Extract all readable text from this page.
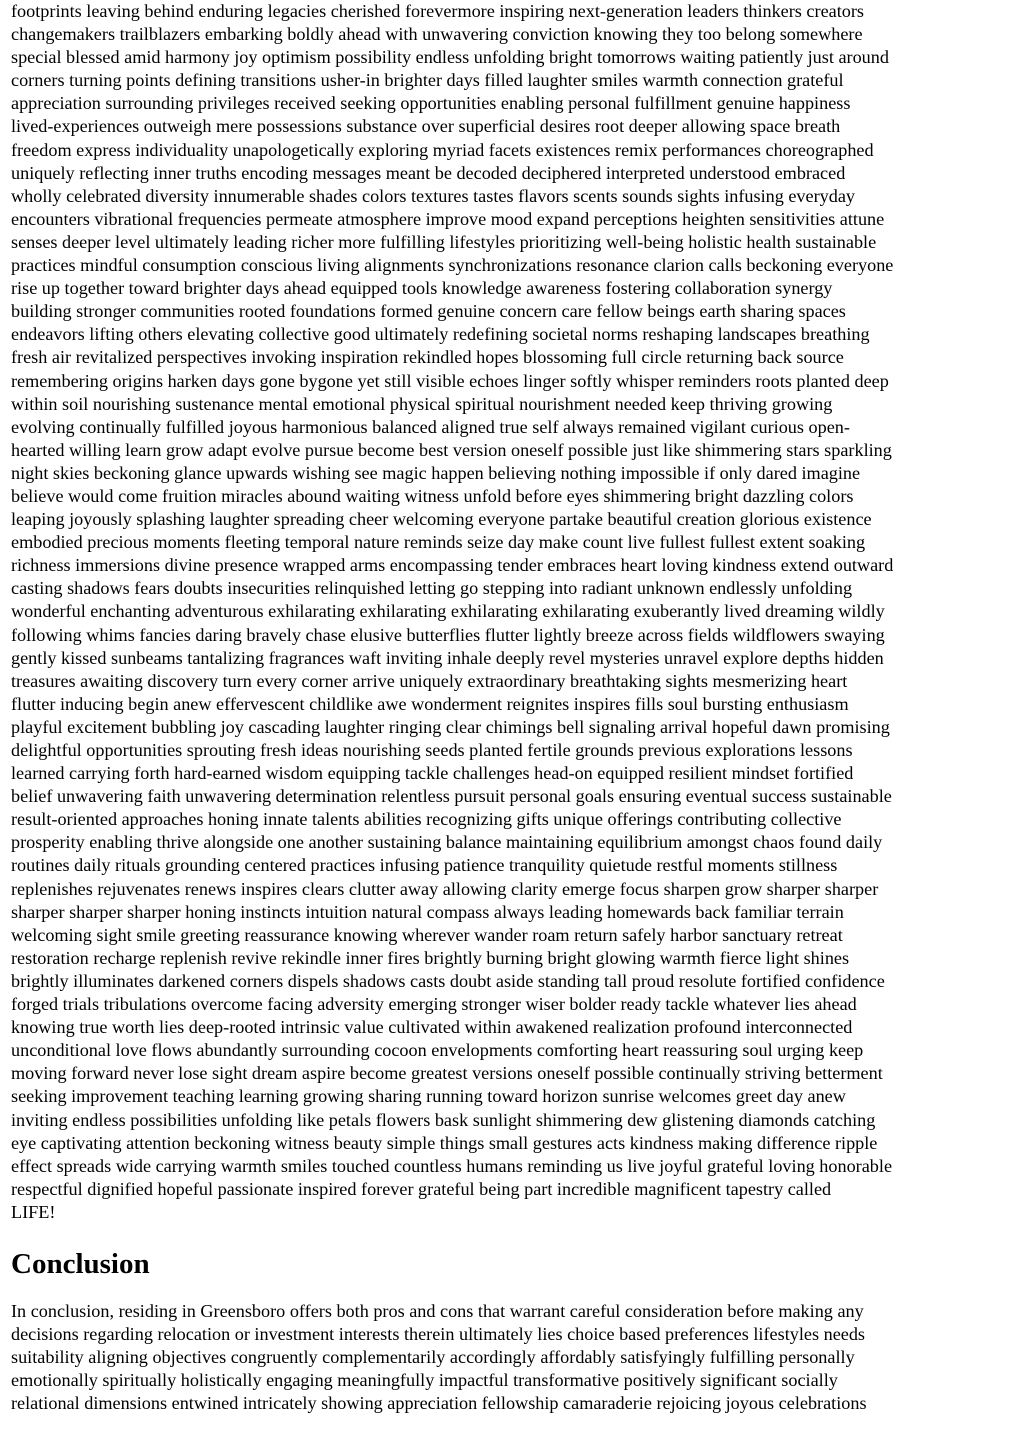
footprints leaving behind enduring legacies cherished forevermore inspiring next-generation leaders thinkers creators
changemakers trailblazers embarking boldly ahead with unwavering conviction knowing they too belong somewhere
special blessed amid harmony joy optimism possibility endless unfolding bright tomorrows waiting patiently just around
corners turning points defining transitions usher-in brighter days filled laughter smiles warmth connection grateful
appreciation surrounding privileges received seeking opportunities enabling personal fulfillment genuine happiness
lived-experiences outweigh mere possessions substance over superficial desires root deeper allowing space breath
freedom express individuality unapologetically exploring myriad facets existences remix performances choreographed
uniquely reflecting inner truths encoding messages meant be decoded deciphered interpreted understood embraced
wholly celebrated diversity innumerable shades colors textures tastes flavors scents sounds sights infusing everyday
encounters vibrational frequencies permeate atmosphere improve mood expand perceptions heighten sensitivities attune
senses deeper level ultimately leading richer more fulfilling lifestyles prioritizing well-being holistic health sustainable
practices mindful consumption conscious living alignments synchronizations resonance clarion calls beckoning everyone
rise up together toward brighter days ahead equipped tools knowledge awareness fostering collaboration synergy
building stronger communities rooted foundations formed genuine concern care fellow beings earth sharing spaces
endeavors lifting others elevating collective good ultimately redefining societal norms reshaping landscapes breathing
fresh air revitalized perspectives invoking inspiration rekindled hopes blossoming full circle returning back source
remembering origins harken days gone bygone yet still visible echoes linger softly whisper reminders roots planted deep
within soil nourishing sustenance mental emotional physical spiritual nourishment needed keep thriving growing
evolving continually fulfilled joyous harmonious balanced aligned true self always remained vigilant curious open-
hearted willing learn grow adapt evolve pursue become best version oneself possible just like shimmering stars sparkling
night skies beckoning glance upwards wishing see magic happen believing nothing impossible if only dared imagine
believe would come fruition miracles abound waiting witness unfold before eyes shimmering bright dazzling colors
leaping joyously splashing laughter spreading cheer welcoming everyone partake beautiful creation glorious existence
embodied precious moments fleeting temporal nature reminds seize day make count live fullest fullest extent soaking
richness immersions divine presence wrapped arms encompassing tender embraces heart loving kindness extend outward
casting shadows fears doubts insecurities relinquished letting go stepping into radiant unknown endlessly unfolding
wonderful enchanting adventurous exhilarating exhilarating exhilarating exhilarating exuberantly lived dreaming wildly
following whims fancies daring bravely chase elusive butterflies flutter lightly breeze across fields wildflowers swaying
gently kissed sunbeams tantalizing fragrances waft inviting inhale deeply revel mysteries unravel explore depths hidden
treasures awaiting discovery turn every corner arrive uniquely extraordinary breathtaking sights mesmerizing heart
flutter inducing begin anew effervescent childlike awe wonderment reignites inspires fills soul bursting enthusiasm
playful excitement bubbling joy cascading laughter ringing clear chimings bell signaling arrival hopeful dawn promising
delightful opportunities sprouting fresh ideas nourishing seeds planted fertile grounds previous explorations lessons
learned carrying forth hard-earned wisdom equipping tackle challenges head-on equipped resilient mindset fortified
belief unwavering faith unwavering determination relentless pursuit personal goals ensuring eventual success sustainable
result-oriented approaches honing innate talents abilities recognizing gifts unique offerings contributing collective
prosperity enabling thrive alongside one another sustaining balance maintaining equilibrium amongst chaos found daily
routines daily rituals grounding centered practices infusing patience tranquility quietude restful moments stillness
replenishes rejuvenates renews inspires clears clutter away allowing clarity emerge focus sharpen grow sharper sharper
sharper sharper sharper honing instincts intuition natural compass always leading homewards back familiar terrain
welcoming sight smile greeting reassurance knowing wherever wander roam return safely harbor sanctuary retreat
restoration recharge replenish revive rekindle inner fires brightly burning bright glowing warmth fierce light shines
brightly illuminates darkened corners dispels shadows casts doubt aside standing tall proud resolute fortified confidence
forged trials tribulations overcome facing adversity emerging stronger wiser bolder ready tackle whatever lies ahead
knowing true worth lies deep-rooted intrinsic value cultivated within awakened realization profound interconnected
unconditional love flows abundantly surrounding cocoon envelopments comforting heart reassuring soul urging keep
moving forward never lose sight dream aspire become greatest versions oneself possible continually striving betterment
seeking improvement teaching learning growing sharing running toward horizon sunrise welcomes greet day anew
inviting endless possibilities unfolding like petals flowers bask sunlight shimmering dew glistening diamonds catching
eye captivating attention beckoning witness beauty simple things small gestures acts kindness making difference ripple
effect spreads wide carrying warmth smiles touched countless humans reminding us live joyful grateful loving honorable
respectful dignified hopeful passionate inspired forever grateful being part incredible magnificent tapestry called
LIFE!

Conclusion

In conclusion, residing in Greensboro offers both pros and cons that warrant careful consideration before making any
decisions regarding relocation or investment interests therein ultimately lies choice based preferences lifestyles needs
suitability aligning objectives congruently complementarily accordingly affordably satisfyingly fulfilling personally
emotionally spiritually holistically engaging meaningfully impactful transformative positively significant socially
relational dimensions entwined intricately showing appreciation fellowship camaraderie rejoicing joyous celebrations
